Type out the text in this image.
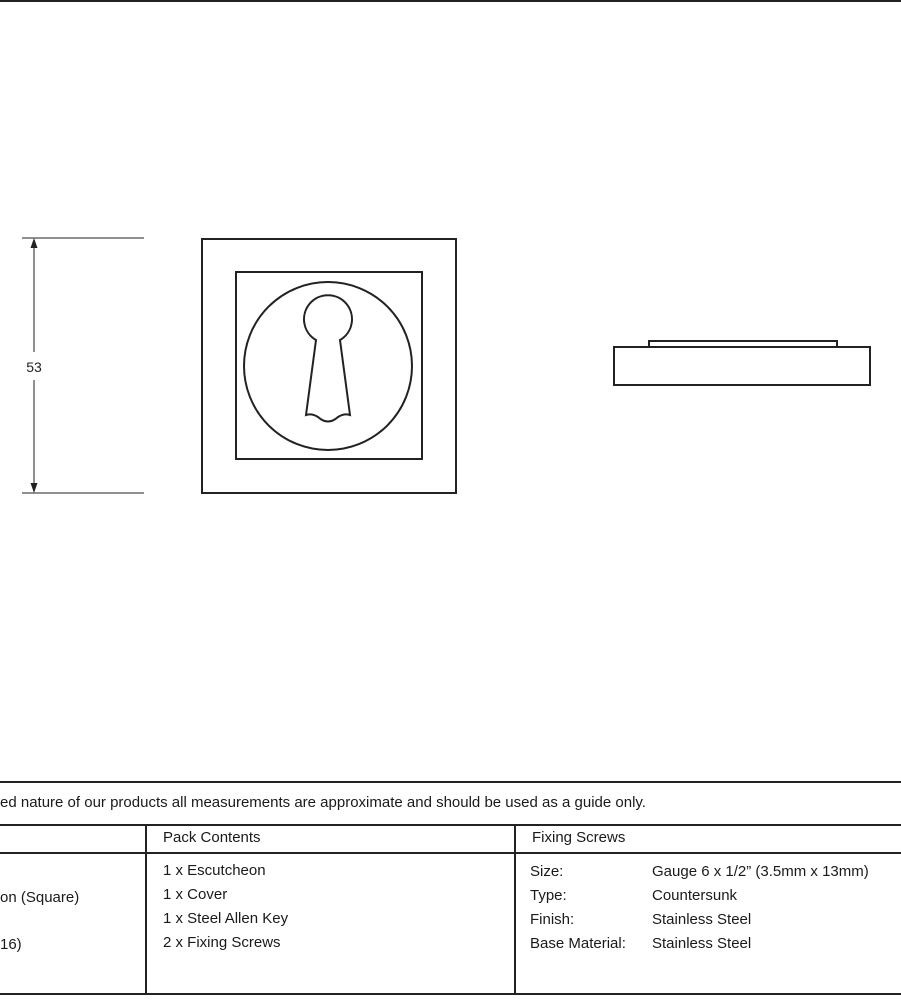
53
ed nature of our products all measurements are approximate and should be used as a guide only.
on (Square)
16)
Pack Contents
1 x Escutcheon
1 x Cover
1 x Steel Allen Key
2 x Fixing Screws
Fixing Screws
Size:	Gauge 6 x 1/2” (3.5mm x 13mm)
Type:	Countersunk
Finish:	Stainless Steel
Base Material: Stainless Steel
